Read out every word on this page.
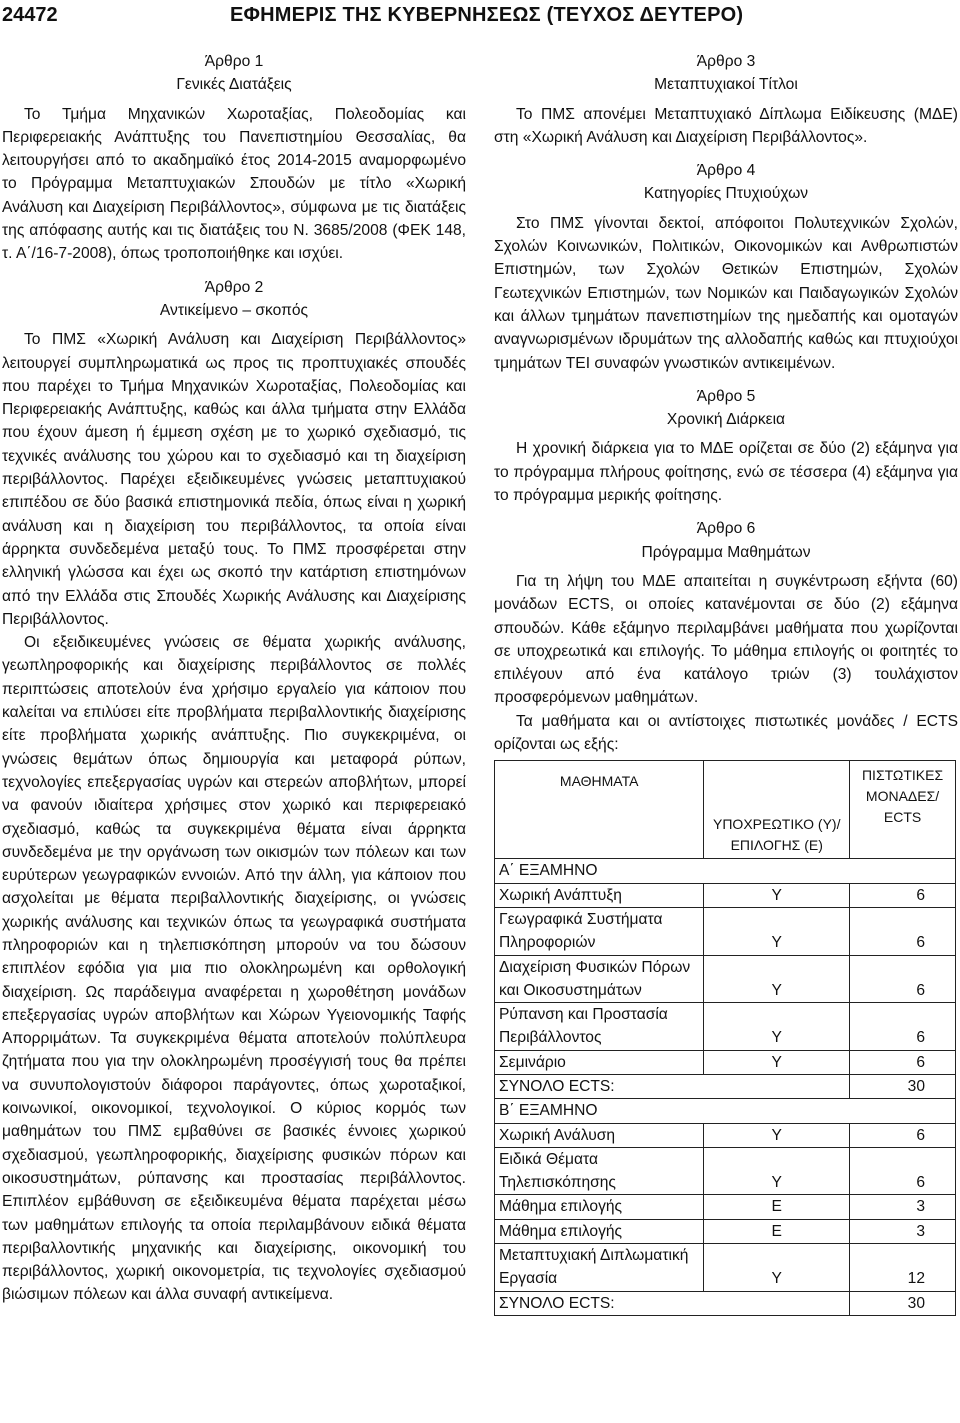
24472	ΕΦΗΜΕΡΙΣ ΤΗΣ ΚΥΒΕΡΝΗΣΕΩΣ (ΤΕΥΧΟΣ ΔΕΥΤΕΡΟ)
Άρθρο 1
Γενικές Διατάξεις

Το Τμήμα Μηχανικών Χωροταξίας, Πολεοδομίας και Περιφερειακής Ανάπτυξης του Πανεπιστημίου Θεσσαλίας, θα λειτουργήσει από το ακαδημαϊκό έτος 2014-2015 αναμορφωμένο το Πρόγραμμα Μεταπτυχιακών Σπουδών με τίτλο «Χωρική Ανάλυση και Διαχείριση Περιβάλλοντος», σύμφωνα με τις διατάξεις της απόφασης αυτής και τις διατάξεις του Ν. 3685/2008 (ΦΕΚ 148, τ. Α΄/16-7-2008), όπως τροποποιήθηκε και ισχύει.

Άρθρο 2
Αντικείμενο – σκοπός

Το ΠΜΣ «Χωρική Ανάλυση και Διαχείριση Περιβάλλοντος» λειτουργεί συμπληρωματικά ως προς τις προπτυχιακές σπουδές που παρέχει το Τμήμα Μηχανικών Χωροταξίας, Πολεοδομίας και Περιφερειακής Ανάπτυξης, καθώς και άλλα τμήματα στην Ελλάδα που έχουν άμεση ή έμμεση σχέση με το χωρικό σχεδιασμό, τις τεχνικές ανάλυσης του χώρου και το σχεδιασμό και τη διαχείριση περιβάλλοντος. Παρέχει εξειδικευμένες γνώσεις μεταπτυχιακού επιπέδου σε δύο βασικά επιστημονικά πεδία, όπως είναι η χωρική ανάλυση και η διαχείριση του περιβάλλοντος, τα οποία είναι άρρηκτα συνδεδεμένα μεταξύ τους. Το ΠΜΣ προσφέρεται στην ελληνική γλώσσα και έχει ως σκοπό την κατάρτιση επιστημόνων από την Ελλάδα στις Σπουδές Χωρικής Ανάλυσης και Διαχείρισης Περιβάλλοντος.

Οι εξειδικευμένες γνώσεις σε θέματα χωρικής ανάλυσης, γεωπληροφορικής και διαχείρισης περιβάλλοντος σε πολλές περιπτώσεις αποτελούν ένα χρήσιμο εργαλείο για κάποιον που καλείται να επιλύσει είτε προβλήματα περιβαλλοντικής διαχείρισης είτε προβλήματα χωρικής ανάπτυξης. Πιο συγκεκριμένα, οι γνώσεις θεμάτων όπως δημιουργία και μεταφορά ρύπων, τεχνολογίες επεξεργασίας υγρών και στερεών αποβλήτων, μπορεί να φανούν ιδιαίτερα χρήσιμες στον χωρικό και περιφερειακό σχεδιασμό, καθώς τα συγκεκριμένα θέματα είναι άρρηκτα συνδεδεμένα με την οργάνωση των οικισμών των πόλεων και των ευρύτερων γεωγραφικών εννοιών. Από την άλλη, για κάποιον που ασχολείται με θέματα περιβαλλοντικής διαχείρισης, οι γνώσεις χωρικής ανάλυσης και τεχνικών όπως τα γεωγραφικά συστήματα πληροφοριών και η τηλεπισκόπηση μπορούν να του δώσουν επιπλέον εφόδια για μια πιο ολοκληρωμένη και ορθολογική διαχείριση. Ως παράδειγμα αναφέρεται η χωροθέτηση μονάδων επεξεργασίας υγρών αποβλήτων και Χώρων Υγειονομικής Ταφής Απορριμάτων. Τα συγκεκριμένα θέματα αποτελούν πολύπλευρα ζητήματα που για την ολοκληρωμένη προσέγγισή τους θα πρέπει να συνυπολογιστούν διάφοροι παράγοντες, όπως χωροταξικοί, κοινωνικοί, οικονομικοί, τεχνολογικοί. Ο κύριος κορμός των μαθημάτων του ΠΜΣ εμβαθύνει σε βασικές έννοιες χωρικού σχεδιασμού, γεωπληροφορικής, διαχείρισης φυσικών πόρων και οικοσυστημάτων, ρύπανσης και προστασίας περιβάλλοντος. Επιπλέον εμβάθυνση σε εξειδικευμένα θέματα παρέχεται μέσω των μαθημάτων επιλογής τα οποία περιλαμβάνουν ειδικά θέματα περιβαλλοντικής μηχανικής και διαχείρισης, οικονομική του περιβάλλοντος, χωρική οικονομετρία, τις τεχνολογίες σχεδιασμού βιώσιμων πόλεων και άλλα συναφή αντικείμενα.

Άρθρο 3
Μεταπτυχιακοί Τίτλοι

Το ΠΜΣ απονέμει Μεταπτυχιακό Δίπλωμα Ειδίκευσης (ΜΔΕ) στη «Χωρική Ανάλυση και Διαχείριση Περιβάλλοντος».

Άρθρο 4
Κατηγορίες Πτυχιούχων

Στο ΠΜΣ γίνονται δεκτοί, απόφοιτοι Πολυτεχνικών Σχολών, Σχολών Κοινωνικών, Πολιτικών, Οικονομικών και Ανθρωπιστών Επιστημών, των Σχολών Θετικών Επιστημών, Σχολών Γεωτεχνικών Επιστημών, των Νομικών και Παιδαγωγικών Σχολών και άλλων τμημάτων πανεπιστημίων της ημεδαπής και ομοταγών αναγνωρισμένων ιδρυμάτων της αλλοδαπής καθώς και πτυχιούχοι τμημάτων ΤΕΙ συναφών γνωστικών αντικειμένων.

Άρθρο 5
Χρονική Διάρκεια

Η χρονική διάρκεια για το ΜΔΕ ορίζεται σε δύο (2) εξάμηνα για το πρόγραμμα πλήρους φοίτησης, ενώ σε τέσσερα (4) εξάμηνα για το πρόγραμμα μερικής φοίτησης.

Άρθρο 6
Πρόγραμμα Μαθημάτων

Για τη λήψη του ΜΔΕ απαιτείται η συγκέντρωση εξήντα (60) μονάδων ECTS, οι οποίες κατανέμονται σε δύο (2) εξάμηνα σπουδών. Κάθε εξάμηνο περιλαμβάνει μαθήματα που χωρίζονται σε υποχρεωτικά και επιλογής. Το μάθημα επιλογής οι φοιτητές το επιλέγουν από ένα κατάλογο τριών (3) τουλάχιστον προσφερόμενων μαθημάτων.

Τα μαθήματα και οι αντίστοιχες πιστωτικές μονάδες / ECTS ορίζονται ως εξής:

ΜΑΘΗΜΑΤΑ	ΥΠΟΧΡΕΩΤΙΚΟ (Υ)/ ΕΠΙΛΟΓΗΣ (Ε)	ΠΙΣΤΩΤΙΚΕΣ ΜΟΝΑΔΕΣ/ ECTS
Α΄ ΕΞΑΜΗΝΟ		
Χωρική Ανάπτυξη	Υ	6
Γεωγραφικά Συστήματα Πληροφοριών	Υ	6
Διαχείριση Φυσικών Πόρων και Οικοσυστημάτων	Υ	6
Ρύπανση και Προστασία Περιβάλλοντος	Υ	6
Σεμινάριο	Υ	6
ΣΥΝΟΛΟ ECTS:		30
Β΄ ΕΞΑΜΗΝΟ		
Χωρική Ανάλυση	Υ	6
Ειδικά Θέματα Τηλεπισκόπησης	Υ	6
Μάθημα επιλογής	Ε	3
Μάθημα επιλογής	Ε	3
Μεταπτυχιακή Διπλωματική Εργασία	Υ	12
ΣΥΝΟΛΟ ECTS:		30
